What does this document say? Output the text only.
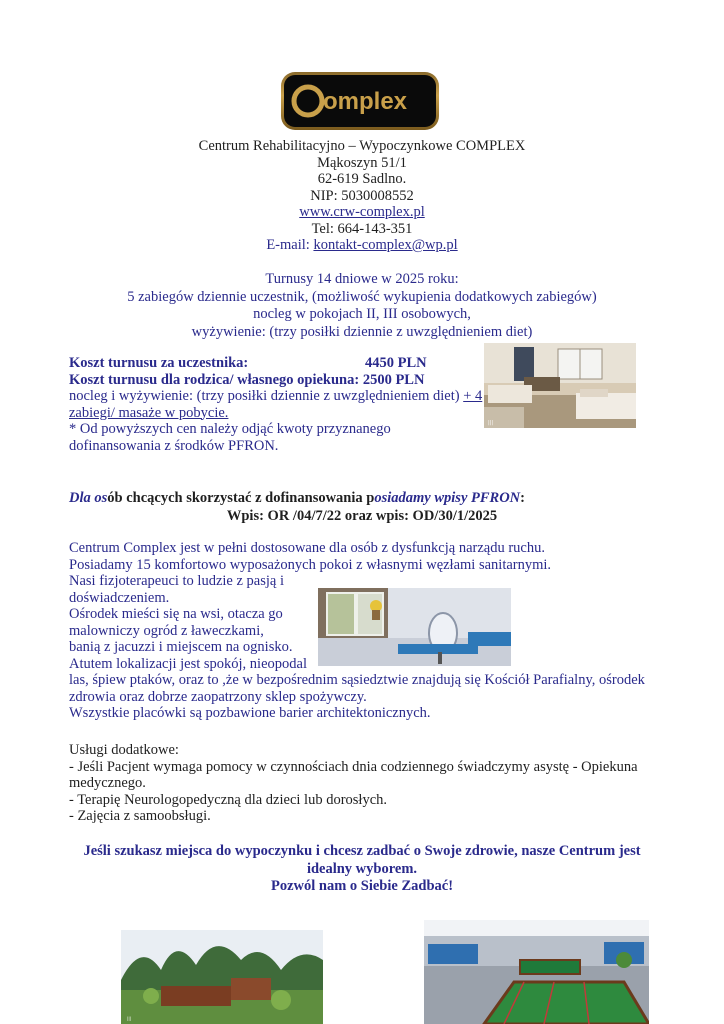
omplex
Centrum Rehabilitacyjno – Wypoczynkowe COMPLEX
Mąkoszyn 51/1
62-619 Sadlno.
NIP: 5030008552
www.crw-complex.pl
Tel: 664-143-351
E-mail: kontakt-complex@wp.pl
Turnusy 14 dniowe w 2025 roku:
5 zabiegów dziennie uczestnik, (możliwość wykupienia dodatkowych zabiegów)
nocleg w pokojach II, III osobowych,
wyżywienie: (trzy posiłki dziennie z uwzględnieniem diet)
Koszt turnusu za uczestnika:	4450 PLN
Koszt turnusu dla rodzica/ własnego opiekuna: 2500 PLN
nocleg i wyżywienie: (trzy posiłki dziennie z uwzględnieniem diet) + 4
zabiegi/ masaże w pobycie.
* Od powyższych cen należy odjąć kwoty przyznanego
dofinansowania z środków PFRON.
|||
Dla osób chcących skorzystać z dofinansowania posiadamy wpisy PFRON:
Wpis: OR /04/7/22 oraz wpis: OD/30/1/2025
Centrum Complex jest w pełni dostosowane dla osób z dysfunkcją narządu ruchu.
Posiadamy 15 komfortowo wyposażonych pokoi z własnymi węzłami sanitarnymi.
Nasi fizjoterapeuci to ludzie z pasją i
doświadczeniem.
Ośrodek mieści się na wsi, otacza go
malowniczy ogród z ławeczkami,
banią z jacuzzi i miejscem na ognisko.
Atutem lokalizacji jest spokój, nieopodal
las, śpiew ptaków, oraz to ,że w bezpośrednim sąsiedztwie znajdują się Kościół Parafialny, ośrodek
zdrowia oraz dobrze zaopatrzony sklep spożywczy.
Wszystkie placówki są pozbawione barier architektonicznych.
Usługi dodatkowe:
- Jeśli Pacjent wymaga pomocy w czynnościach dnia codziennego świadczymy asystę - Opiekuna
medycznego.
- Terapię Neurologopedyczną dla dzieci lub dorosłych.
- Zajęcia z samoobsługi.
Jeśli szukasz miejsca do wypoczynku i chcesz zadbać o Swoje zdrowie, nasze Centrum jest
idealny wyborem.
Pozwól nam o Siebie Zadbać!
|||
